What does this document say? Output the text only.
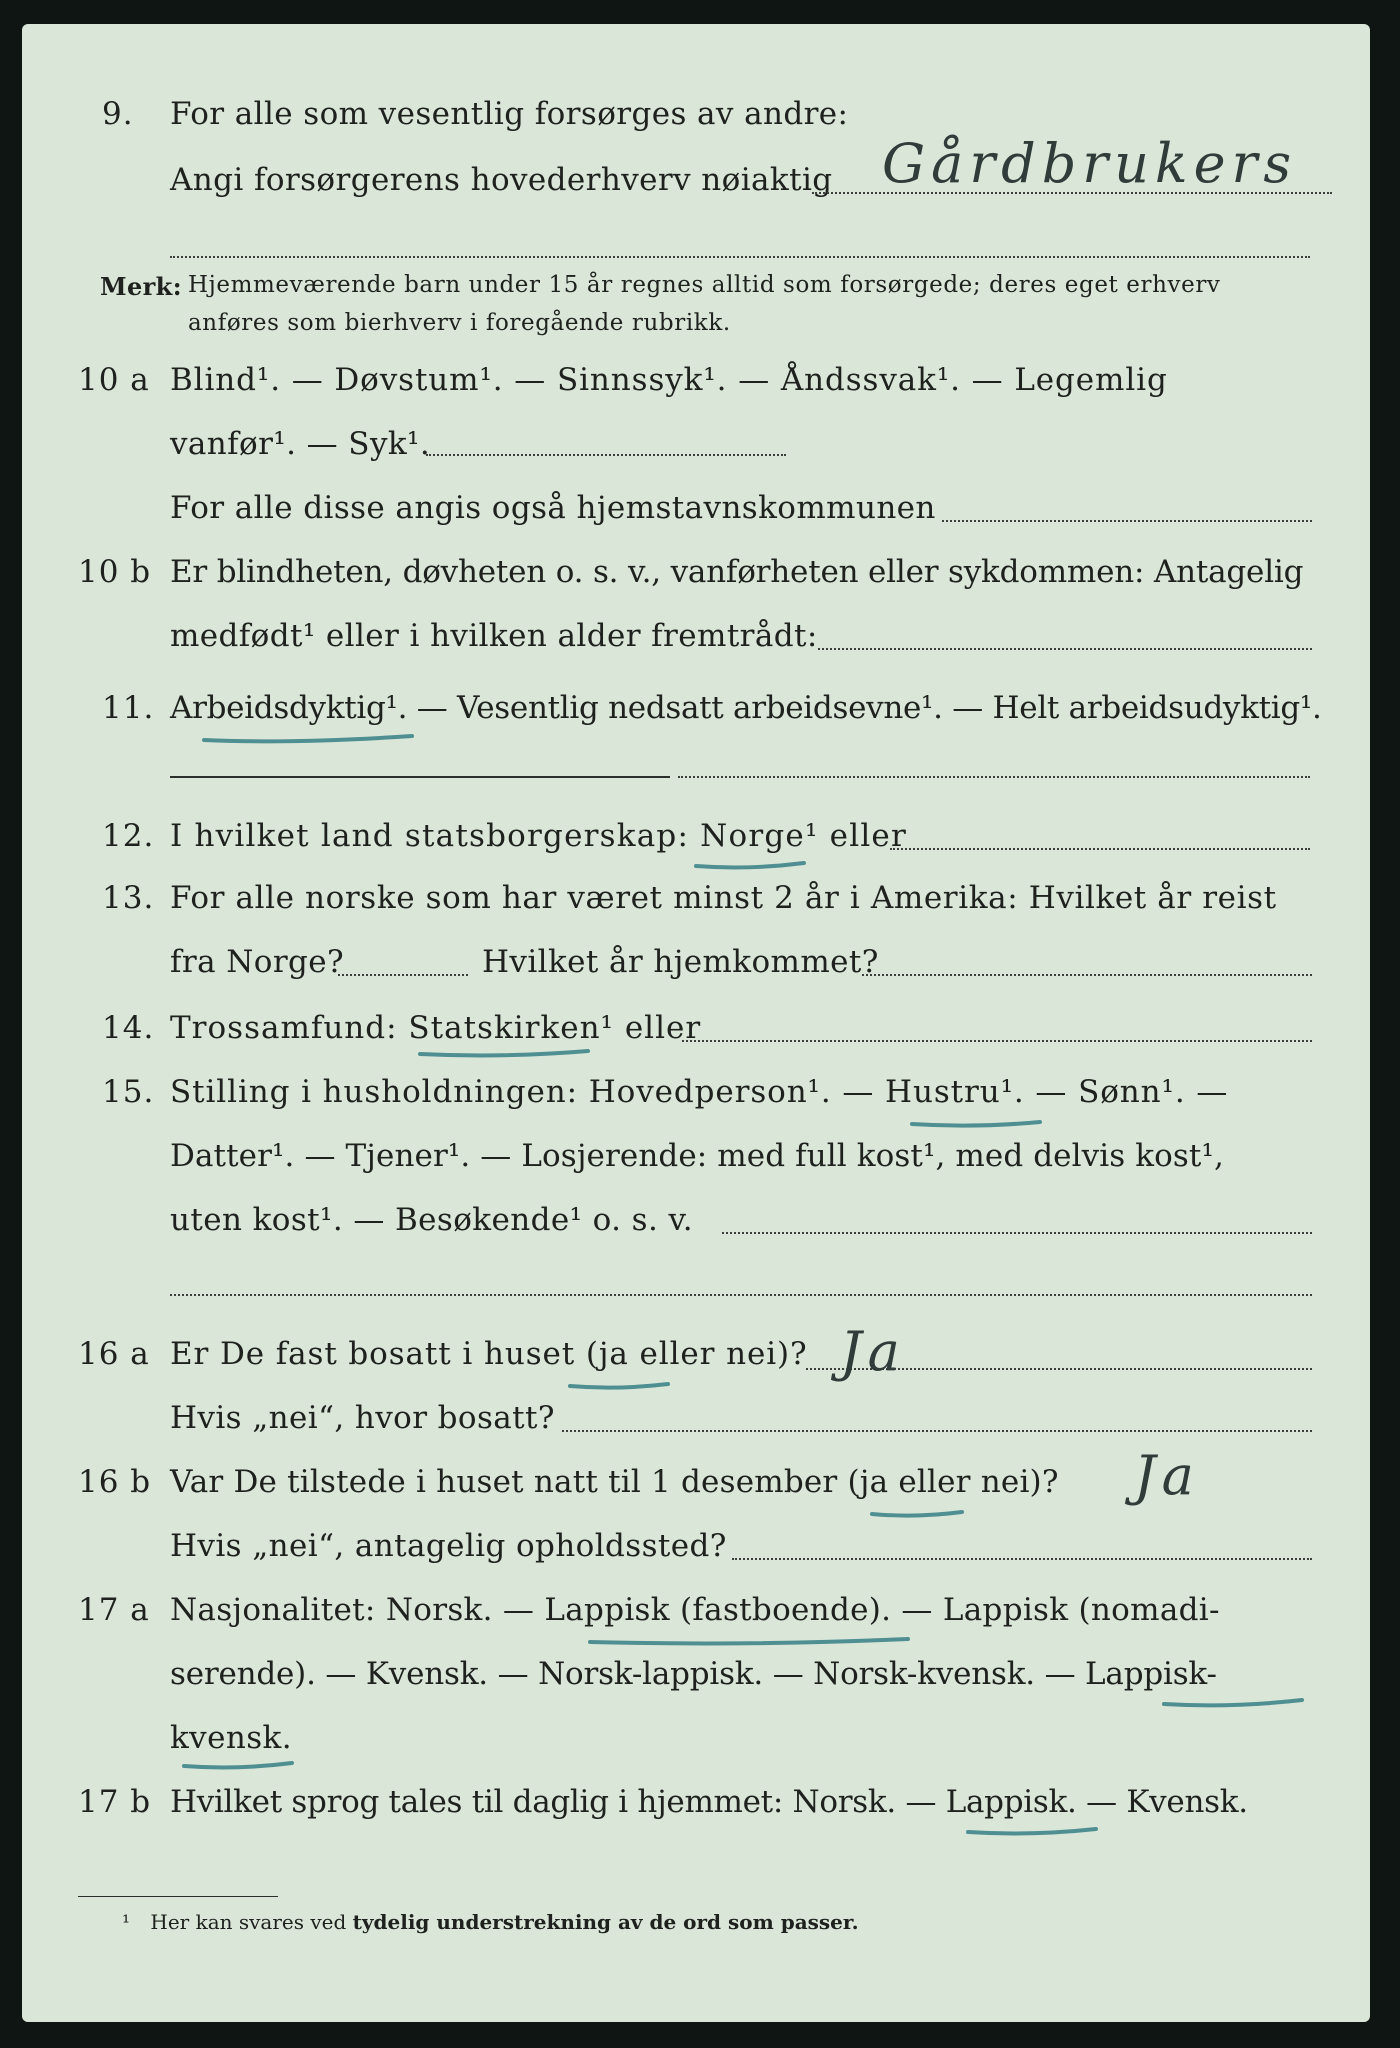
9. For alle som vesentlig forsørges av andre:
Angi forsørgerens hovederhverv nøiaktig Gårdbrukers
Merk: Hjemmeværende barn under 15 år regnes alltid som forsørgede; deres eget erhverv
anføres som bierhverv i foregående rubrikk.
10 a Blind¹. — Døvstum¹. — Sinnssyk¹. — Åndssvak¹. — Legemlig
vanfør¹. — Syk¹.
For alle disse angis også hjemstavnskommunen
10 b Er blindheten, døvheten o. s. v., vanførheten eller sykdommen: Antagelig
medfødt¹ eller i hvilken alder fremtrådt:
11. Arbeidsdyktig¹. — Vesentlig nedsatt arbeidsevne¹. — Helt arbeidsudyktig¹.
12. I hvilket land statsborgerskap: Norge¹ eller
13. For alle norske som har været minst 2 år i Amerika: Hvilket år reist
fra Norge?	Hvilket år hjemkommet?
14. Trossamfund: Statskirken¹ eller
15. Stilling i husholdningen: Hovedperson¹. — Hustru¹. — Sønn¹. —
Datter¹. — Tjener¹. — Losjerende: med full kost¹, med delvis kost¹,
uten kost¹. — Besøkende¹ o. s. v.
16 a Er De fast bosatt i huset (ja eller nei)? Ja
Hvis „nei“, hvor bosatt?
16 b Var De tilstede i huset natt til 1 desember (ja eller nei)? Ja
Hvis „nei“, antagelig opholdssted?
17 a Nasjonalitet: Norsk. — Lappisk (fastboende). — Lappisk (nomadi-
serende). — Kvensk. — Norsk-lappisk. — Norsk-kvensk. — Lappisk-
kvensk.
17 b Hvilket sprog tales til daglig i hjemmet: Norsk. — Lappisk. — Kvensk.
¹ Her kan svares ved tydelig understrekning av de ord som passer.
